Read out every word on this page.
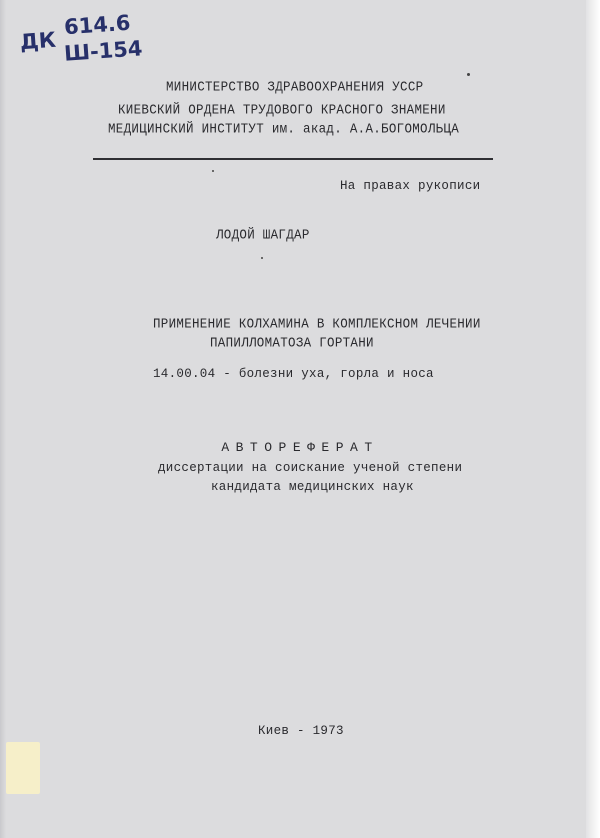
ДК
614.6
Ш-154
МИНИСТЕРСТВО ЗДРАВООХРАНЕНИЯ УССР
КИЕВСКИЙ ОРДЕНА ТРУДОВОГО КРАСНОГО ЗНАМЕНИ
МЕДИЦИНСКИЙ ИНСТИТУТ им. акад. А.А.БОГОМОЛЬЦА
На правах рукописи
ЛОДОЙ ШАГДАР
ПРИМЕНЕНИЕ КОЛХАМИНА В КОМПЛЕКСНОМ ЛЕЧЕНИИ
ПАПИЛЛОМАТОЗА ГОРТАНИ
14.00.04 - болезни уха, горла и носа
АВТОРЕФЕРАТ
диссертации на соискание ученой степени
кандидата медицинских наук
Киев - 1973
